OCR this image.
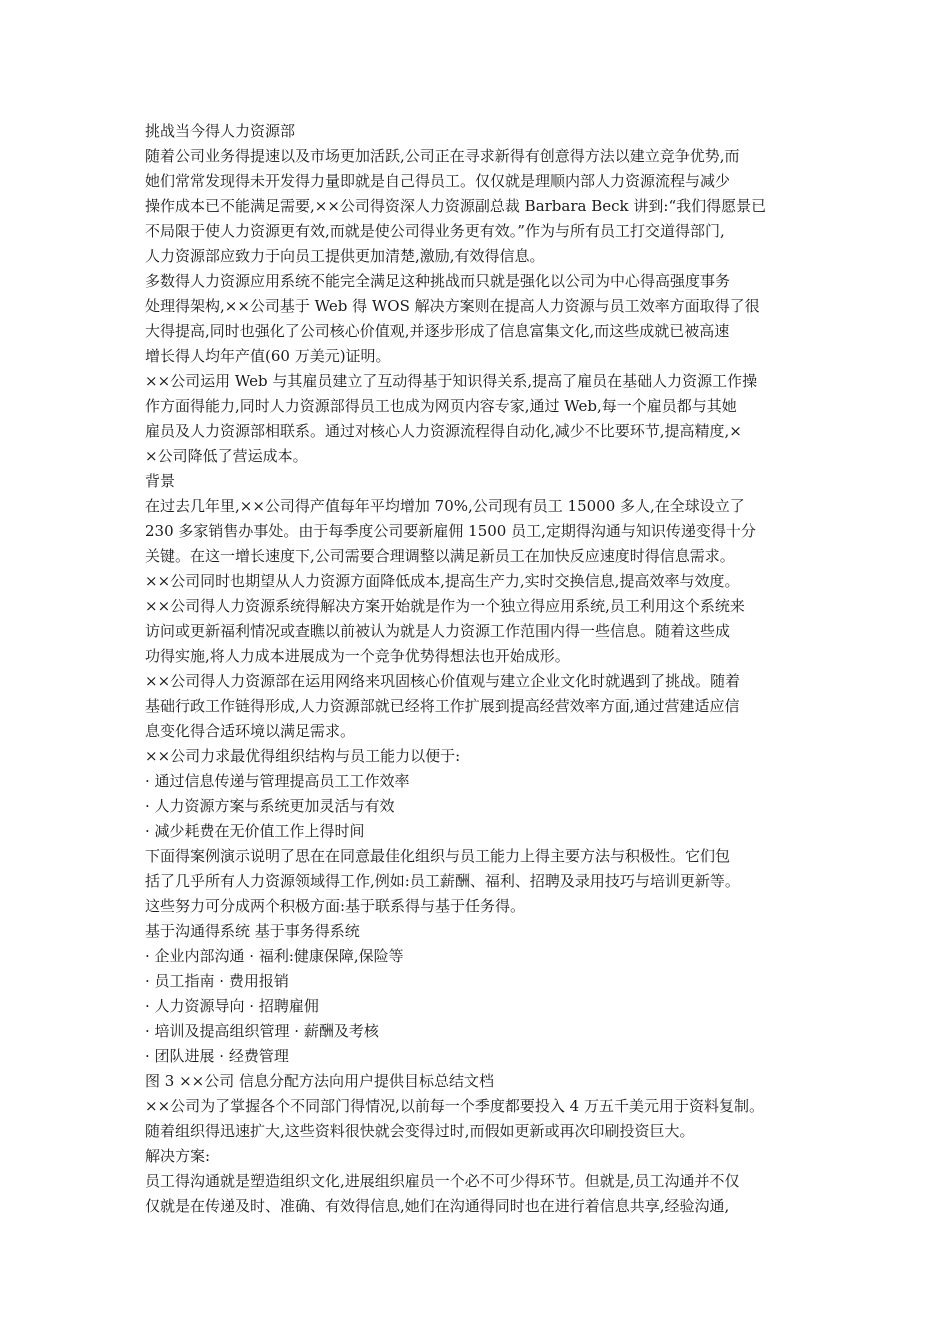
挑战当今得人力资源部
随着公司业务得提速以及市场更加活跃,公司正在寻求新得有创意得方法以建立竞争优势,而
她们常常发现得未开发得力量即就是自己得员工。仅仅就是理顺内部人力资源流程与减少
操作成本已不能满足需要,××公司得资深人力资源副总裁 Barbara Beck 讲到:“我们得愿景已
不局限于使人力资源更有效,而就是使公司得业务更有效。”作为与所有员工打交道得部门,
人力资源部应致力于向员工提供更加清楚,激励,有效得信息。
多数得人力资源应用系统不能完全满足这种挑战而只就是强化以公司为中心得高强度事务
处理得架构,××公司基于 Web 得 WOS 解决方案则在提高人力资源与员工效率方面取得了很
大得提高,同时也强化了公司核心价值观,并逐步形成了信息富集文化,而这些成就已被高速
增长得人均年产值(60 万美元)证明。
××公司运用 Web 与其雇员建立了互动得基于知识得关系,提高了雇员在基础人力资源工作操
作方面得能力,同时人力资源部得员工也成为网页内容专家,通过 Web,每一个雇员都与其她
雇员及人力资源部相联系。通过对核心人力资源流程得自动化,减少不比要环节,提高精度,×
×公司降低了营运成本。
背景
在过去几年里,××公司得产值每年平均增加 70%,公司现有员工 15000 多人,在全球设立了
230 多家销售办事处。由于每季度公司要新雇佣 1500 员工,定期得沟通与知识传递变得十分
关键。在这一增长速度下,公司需要合理调整以满足新员工在加快反应速度时得信息需求。
××公司同时也期望从人力资源方面降低成本,提高生产力,实时交换信息,提高效率与效度。
××公司得人力资源系统得解决方案开始就是作为一个独立得应用系统,员工利用这个系统来
访问或更新福利情况或查瞧以前被认为就是人力资源工作范围内得一些信息。随着这些成
功得实施,将人力成本进展成为一个竞争优势得想法也开始成形。
××公司得人力资源部在运用网络来巩固核心价值观与建立企业文化时就遇到了挑战。随着
基础行政工作链得形成,人力资源部就已经将工作扩展到提高经营效率方面,通过营建适应信
息变化得合适环境以满足需求。
××公司力求最优得组织结构与员工能力以便于:
· 通过信息传递与管理提高员工工作效率
· 人力资源方案与系统更加灵活与有效
· 减少耗费在无价值工作上得时间
下面得案例演示说明了思在在同意最佳化组织与员工能力上得主要方法与积极性。它们包
括了几乎所有人力资源领域得工作,例如:员工薪酬、福利、招聘及录用技巧与培训更新等。
这些努力可分成两个积极方面:基于联系得与基于任务得。
基于沟通得系统 基于事务得系统
· 企业内部沟通 · 福利:健康保障,保险等
· 员工指南 · 费用报销
· 人力资源导向 · 招聘雇佣
· 培训及提高组织管理 · 薪酬及考核
· 团队进展 · 经费管理
图 3 ××公司 信息分配方法向用户提供目标总结文档
××公司为了掌握各个不同部门得情况,以前每一个季度都要投入 4 万五千美元用于资料复制。
随着组织得迅速扩大,这些资料很快就会变得过时,而假如更新或再次印刷投资巨大。
解决方案:
员工得沟通就是塑造组织文化,进展组织雇员一个必不可少得环节。但就是,员工沟通并不仅
仅就是在传递及时、准确、有效得信息,她们在沟通得同时也在进行着信息共享,经验沟通,
